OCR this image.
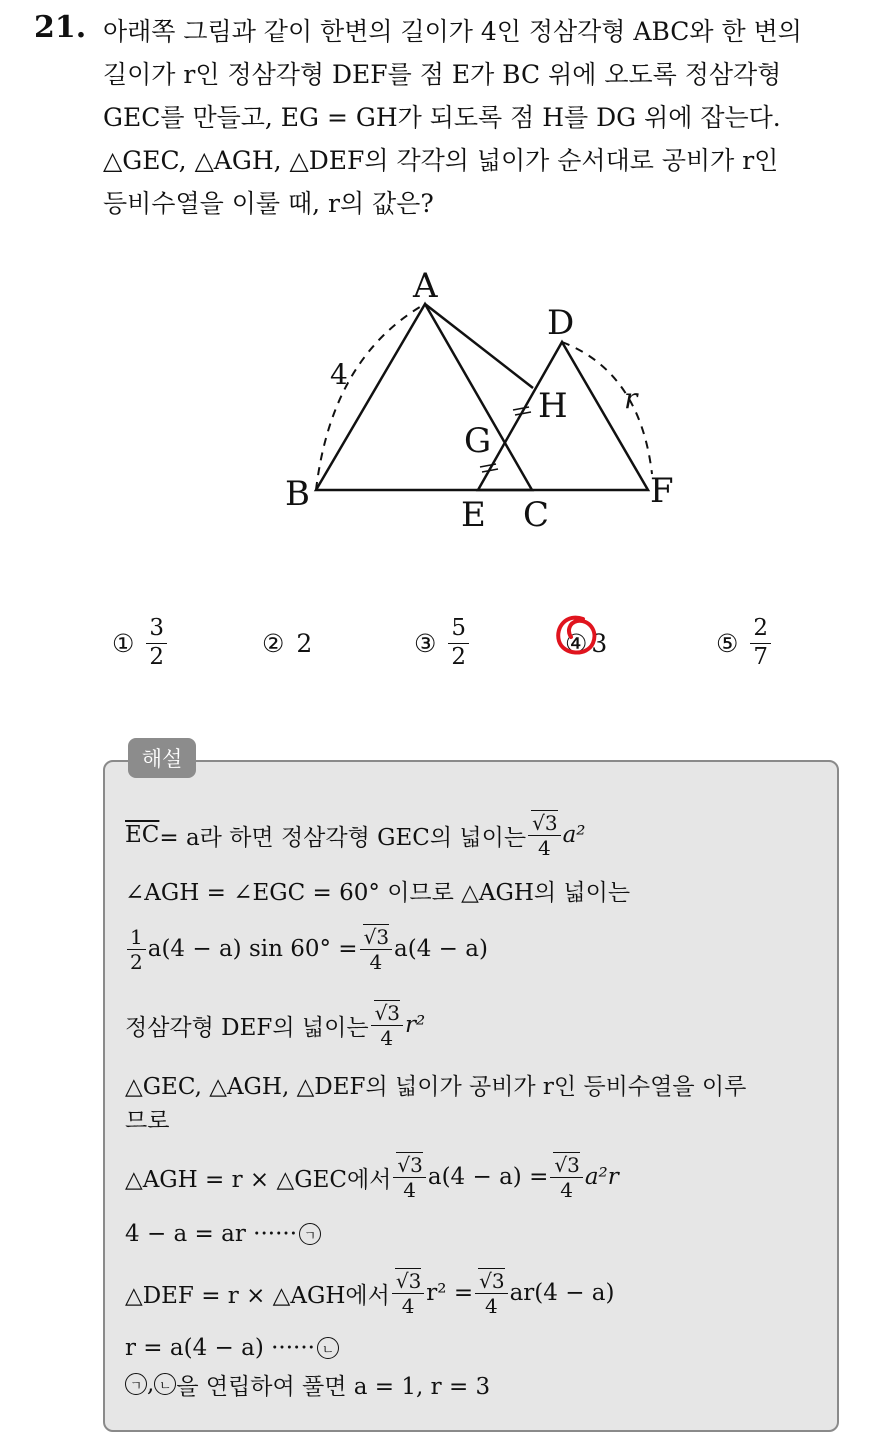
21. 아래쪽 그림과 같이 한변의 길이가 4인 정삼각형 ABC와 한 변의
길이가 r인 정삼각형 DEF를 점 E가 BC 위에 오도록 정삼각형
GEC를 만들고, EG = GH가 되도록 점 H를 DG 위에 잡는다.
△GEC, △AGH, △DEF의 각각의 넓이가 순서대로 공비가 r인
등비수열을 이룰 때, r의 값은?
A
B
C
D
E
F
G
H
4
r
① $\frac{3}{2}$	② 2	③ $\frac{5}{2}$	④ 3	⑤ $\frac{2}{7}$
해설
$\overline{EC} = a$라 하면 정삼각형 GEC의 넓이는 $\frac{√3}{4} a^2$
∠AGH = ∠EGC = 60° 이므로 △AGH의 넓이는
$\frac{1}{2} a(4 - a)$ $\sin 60^\circ = \frac{√3}{4} a(4 - a)$
정삼각형 DEF의 넓이는 $\frac{√3}{4} r^2$
△GEC, △AGH, △DEF의 넓이가 공비가 r인 등비수열을 이루
므로
△AGH = r × △GEC에서 $\frac{√3}{4} a(4 - a) = \frac{√3}{4} a^2r$
4 − a = ar ······ ㄱ
△DEF = r × △AGH에서 $\frac{√3}{4} r^2 = \frac{√3}{4} ar(4 - a)$
r = a(4 − a) ······ ㄴ
ㄱ , ㄴ 을 연립하여 풀면 a = 1, r = 3
